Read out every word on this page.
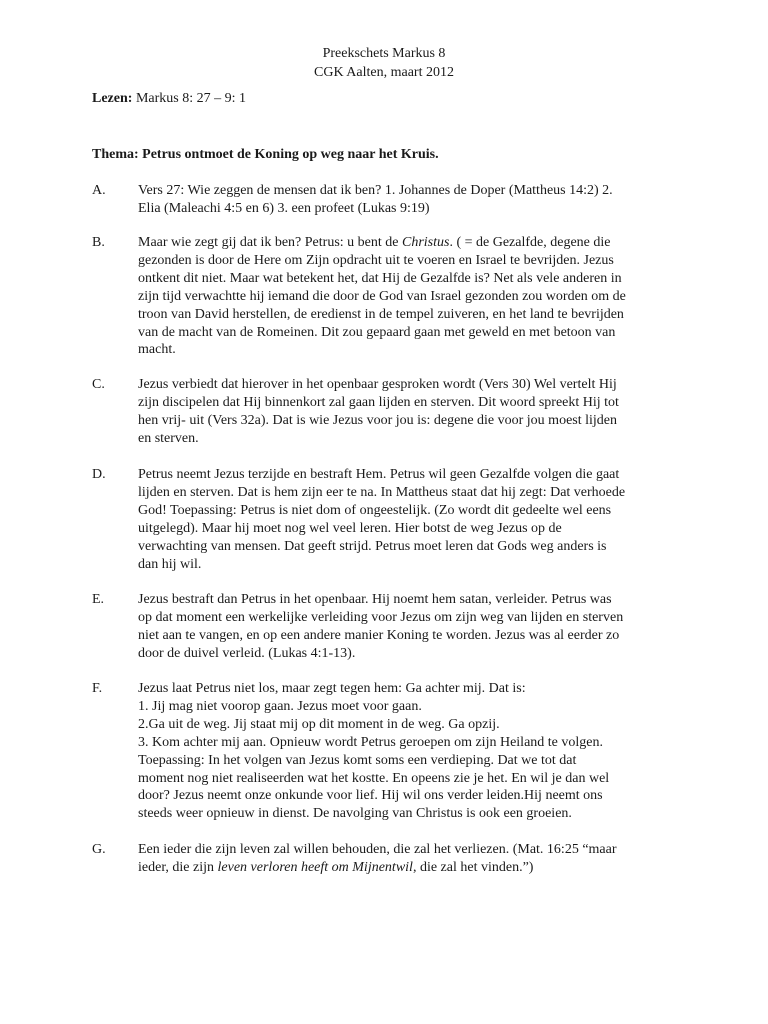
Preekschets Markus 8
CGK Aalten, maart 2012
Lezen: Markus 8: 27 – 9: 1
Thema: Petrus ontmoet de Koning op weg naar het Kruis.
A. Vers 27: Wie zeggen de mensen dat ik ben? 1. Johannes de Doper (Mattheus 14:2) 2.
Elia (Maleachi 4:5 en 6) 3. een profeet (Lukas 9:19)
B. Maar wie zegt gij dat ik ben? Petrus: u bent de Christus. ( = de Gezalfde, degene die
gezonden is door de Here om Zijn opdracht uit te voeren en Israel te bevrijden. Jezus
ontkent dit niet. Maar wat betekent het, dat Hij de Gezalfde is? Net als vele anderen in
zijn tijd verwachtte hij iemand die door de God van Israel gezonden zou worden om de
troon van David herstellen, de eredienst in de tempel zuiveren, en het land te bevrijden
van de macht van de Romeinen. Dit zou gepaard gaan met geweld en met betoon van
macht.
C. Jezus verbiedt dat hierover in het openbaar gesproken wordt (Vers 30) Wel vertelt Hij
zijn discipelen dat Hij binnenkort zal gaan lijden en sterven. Dit woord spreekt Hij tot
hen vrij- uit (Vers 32a). Dat is wie Jezus voor jou is: degene die voor jou moest lijden
en sterven.
D. Petrus neemt Jezus terzijde en bestraft Hem. Petrus wil geen Gezalfde volgen die gaat
lijden en sterven. Dat is hem zijn eer te na. In Mattheus staat dat hij zegt: Dat verhoede
God! Toepassing: Petrus is niet dom of ongeestelijk. (Zo wordt dit gedeelte wel eens
uitgelegd). Maar hij moet nog wel veel leren. Hier botst de weg Jezus op de
verwachting van mensen. Dat geeft strijd. Petrus moet leren dat Gods weg anders is
dan hij wil.
E. Jezus bestraft dan Petrus in het openbaar. Hij noemt hem satan, verleider. Petrus was
op dat moment een werkelijke verleiding voor Jezus om zijn weg van lijden en sterven
niet aan te vangen, en op een andere manier Koning te worden. Jezus was al eerder zo
door de duivel verleid. (Lukas 4:1-13).
F.	Jezus laat Petrus niet los, maar zegt tegen hem: Ga achter mij. Dat is:
1. Jij mag niet voorop gaan. Jezus moet voor gaan.
2.Ga uit de weg. Jij staat mij op dit moment in de weg. Ga opzij.
3. Kom achter mij aan. Opnieuw wordt Petrus geroepen om zijn Heiland te volgen.
Toepassing: In het volgen van Jezus komt soms een verdieping. Dat we tot dat
moment nog niet realiseerden wat het kostte. En opeens zie je het. En wil je dan wel
door? Jezus neemt onze onkunde voor lief. Hij wil ons verder leiden.Hij neemt ons
steeds weer opnieuw in dienst. De navolging van Christus is ook een groeien.
G. Een ieder die zijn leven zal willen behouden, die zal het verliezen. (Mat. 16:25 “maar
ieder, die zijn leven verloren heeft om Mijnentwil, die zal het vinden.”)
